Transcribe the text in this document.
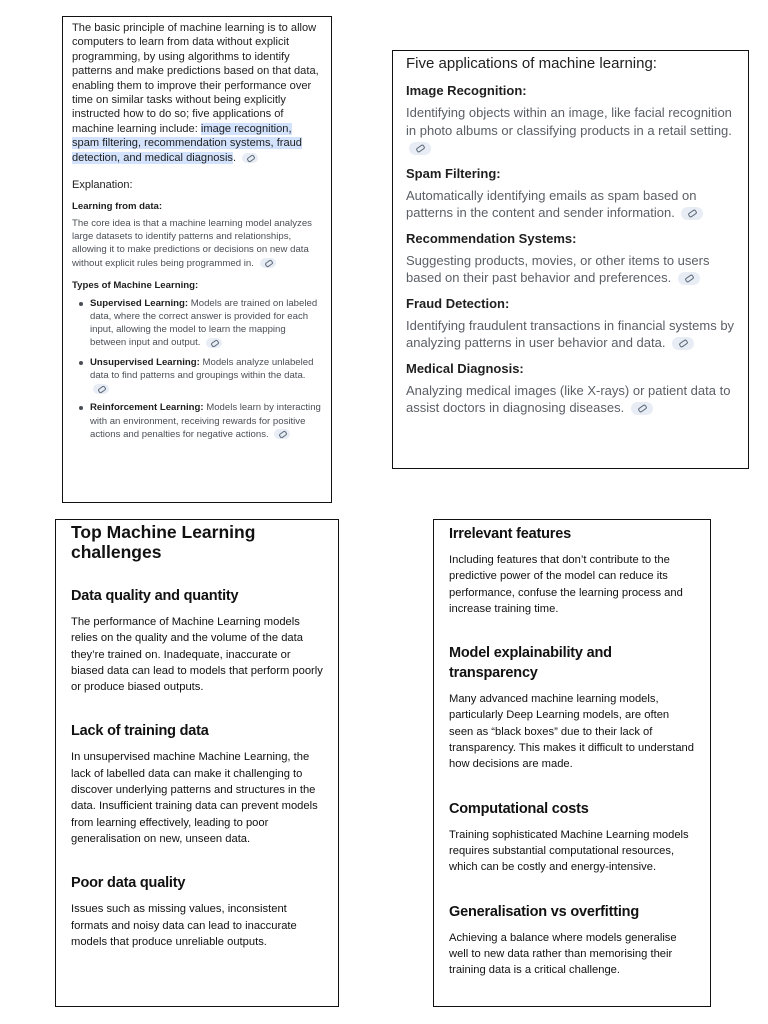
The basic principle of machine learning is to allow computers to learn from data without explicit programming, by using algorithms to identify patterns and make predictions based on that data, enabling them to improve their performance over time on similar tasks without being explicitly instructed how to do so; five applications of machine learning include: image recognition, spam filtering, recommendation systems, fraud detection, and medical diagnosis.

Explanation:

Learning from data:

The core idea is that a machine learning model analyzes large datasets to identify patterns and relationships, allowing it to make predictions or decisions on new data without explicit rules being programmed in.

Types of Machine Learning:

Supervised Learning: Models are trained on labeled data, where the correct answer is provided for each input, allowing the model to learn the mapping between input and output.
Unsupervised Learning: Models analyze unlabeled data to find patterns and groupings within the data.
Reinforcement Learning: Models learn by interacting with an environment, receiving rewards for positive actions and penalties for negative actions.

Five applications of machine learning:

Image Recognition:

Identifying objects within an image, like facial recognition in photo albums or classifying products in a retail setting.

Spam Filtering:

Automatically identifying emails as spam based on patterns in the content and sender information.

Recommendation Systems:

Suggesting products, movies, or other items to users based on their past behavior and preferences.

Fraud Detection:

Identifying fraudulent transactions in financial systems by analyzing patterns in user behavior and data.

Medical Diagnosis:

Analyzing medical images (like X-rays) or patient data to assist doctors in diagnosing diseases.

Top Machine Learning challenges

Data quality and quantity

The performance of Machine Learning models relies on the quality and the volume of the data they’re trained on. Inadequate, inaccurate or biased data can lead to models that perform poorly or produce biased outputs.

Lack of training data

In unsupervised machine Machine Learning, the lack of labelled data can make it challenging to discover underlying patterns and structures in the data. Insufficient training data can prevent models from learning effectively, leading to poor generalisation on new, unseen data.

Poor data quality

Issues such as missing values, inconsistent formats and noisy data can lead to inaccurate models that produce unreliable outputs.

Irrelevant features

Including features that don’t contribute to the predictive power of the model can reduce its performance, confuse the learning process and increase training time.

Model explainability and transparency

Many advanced machine learning models, particularly Deep Learning models, are often seen as “black boxes” due to their lack of transparency. This makes it difficult to understand how decisions are made.

Computational costs

Training sophisticated Machine Learning models requires substantial computational resources, which can be costly and energy-intensive.

Generalisation vs overfitting

Achieving a balance where models generalise well to new data rather than memorising their training data is a critical challenge.
